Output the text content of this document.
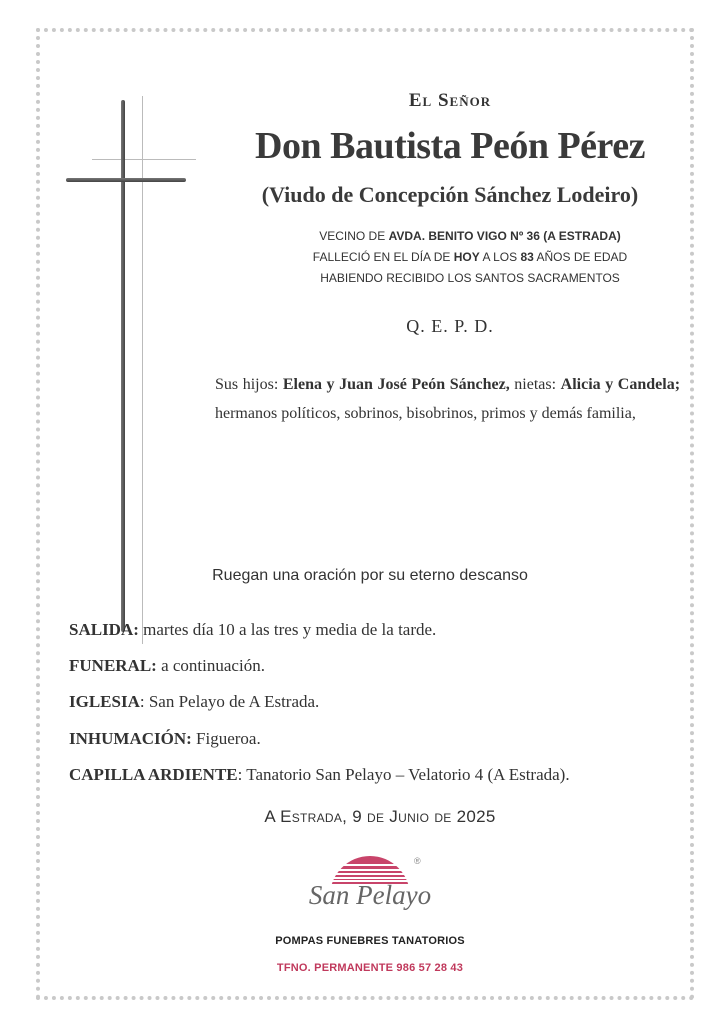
El Señor
Don Bautista Peón Pérez
(Viudo de Concepción Sánchez Lodeiro)
VECINO DE AVDA. BENITO VIGO Nº 36 (A ESTRADA)
FALLECIÓ EN EL DÍA DE HOY A LOS 83 AÑOS DE EDAD
HABIENDO RECIBIDO LOS SANTOS SACRAMENTOS
Q. E. P. D.
Sus hijos: Elena y Juan José Peón Sánchez, nietas: Alicia y Candela; hermanos políticos, sobrinos, bisobrinos, primos y demás familia,
Ruegan una oración por su eterno descanso
SALIDA: martes día 10 a las tres y media de la tarde.
FUNERAL: a continuación.
IGLESIA: San Pelayo de A Estrada.
INHUMACIÓN: Figueroa.
CAPILLA ARDIENTE: Tanatorio San Pelayo – Velatorio 4 (A Estrada).
A Estrada, 9 de Junio de 2025
®
San Pelayo
POMPAS FUNEBRES TANATORIOS
TFNO. PERMANENTE 986 57 28 43
